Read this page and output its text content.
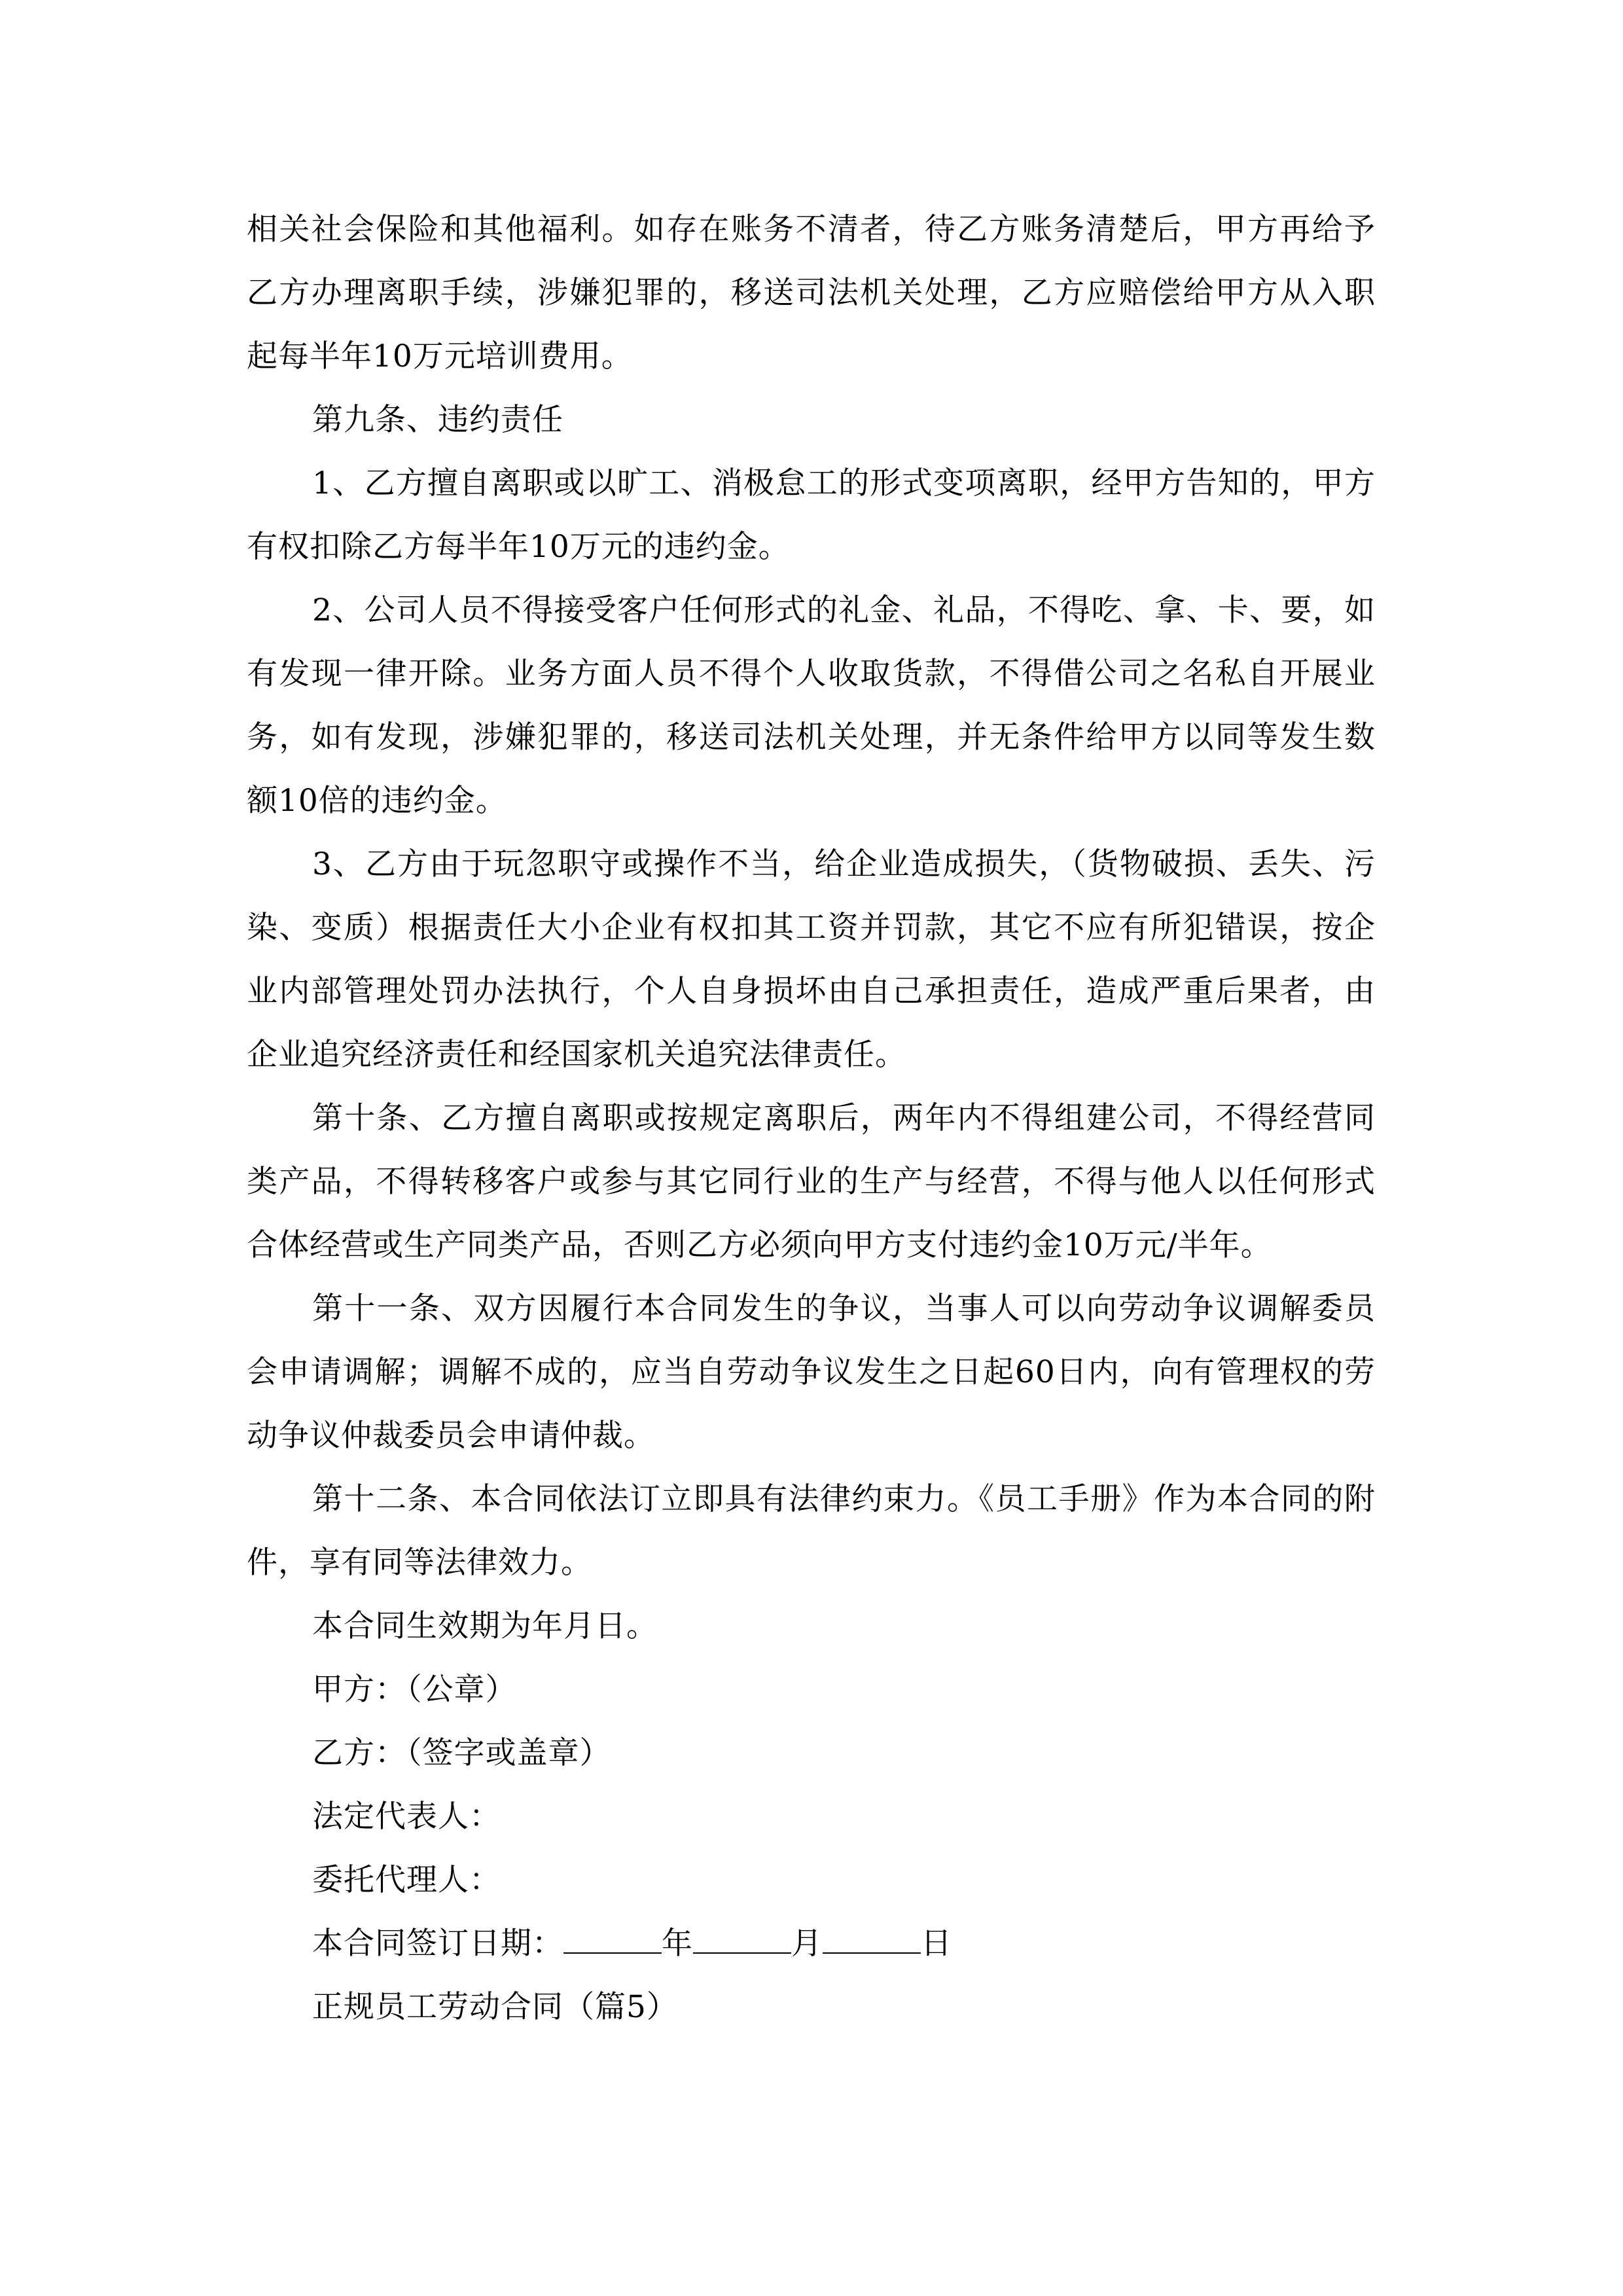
相关社会保险和其他福利。如存在账务不清者，待乙方账务清楚后，甲方再给予乙方办理离职手续，涉嫌犯罪的，移送司法机关处理，乙方应赔偿给甲方从入职起每半年10万元培训费用。

第九条、违约责任

1、乙方擅自离职或以旷工、消极怠工的形式变项离职，经甲方告知的，甲方有权扣除乙方每半年10万元的违约金。

2、公司人员不得接受客户任何形式的礼金、礼品，不得吃、拿、卡、要，如有发现一律开除。业务方面人员不得个人收取货款，不得借公司之名私自开展业务，如有发现，涉嫌犯罪的，移送司法机关处理，并无条件给甲方以同等发生数额10倍的违约金。

3、乙方由于玩忽职守或操作不当，给企业造成损失，（货物破损、丢失、污染、变质）根据责任大小企业有权扣其工资并罚款，其它不应有所犯错误，按企业内部管理处罚办法执行，个人自身损坏由自己承担责任，造成严重后果者，由企业追究经济责任和经国家机关追究法律责任。

第十条、乙方擅自离职或按规定离职后，两年内不得组建公司，不得经营同类产品，不得转移客户或参与其它同行业的生产与经营，不得与他人以任何形式合体经营或生产同类产品，否则乙方必须向甲方支付违约金10万元/半年。

第十一条、双方因履行本合同发生的争议，当事人可以向劳动争议调解委员会申请调解；调解不成的，应当自劳动争议发生之日起60日内，向有管理权的劳动争议仲裁委员会申请仲裁。

第十二条、本合同依法订立即具有法律约束力。《员工手册》作为本合同的附件，享有同等法律效力。

本合同生效期为年月日。

甲方：（公章）

乙方：（签字或盖章）

法定代表人：

委托代理人：

本合同签订日期：	年	月	日

正规员工劳动合同（篇5）
